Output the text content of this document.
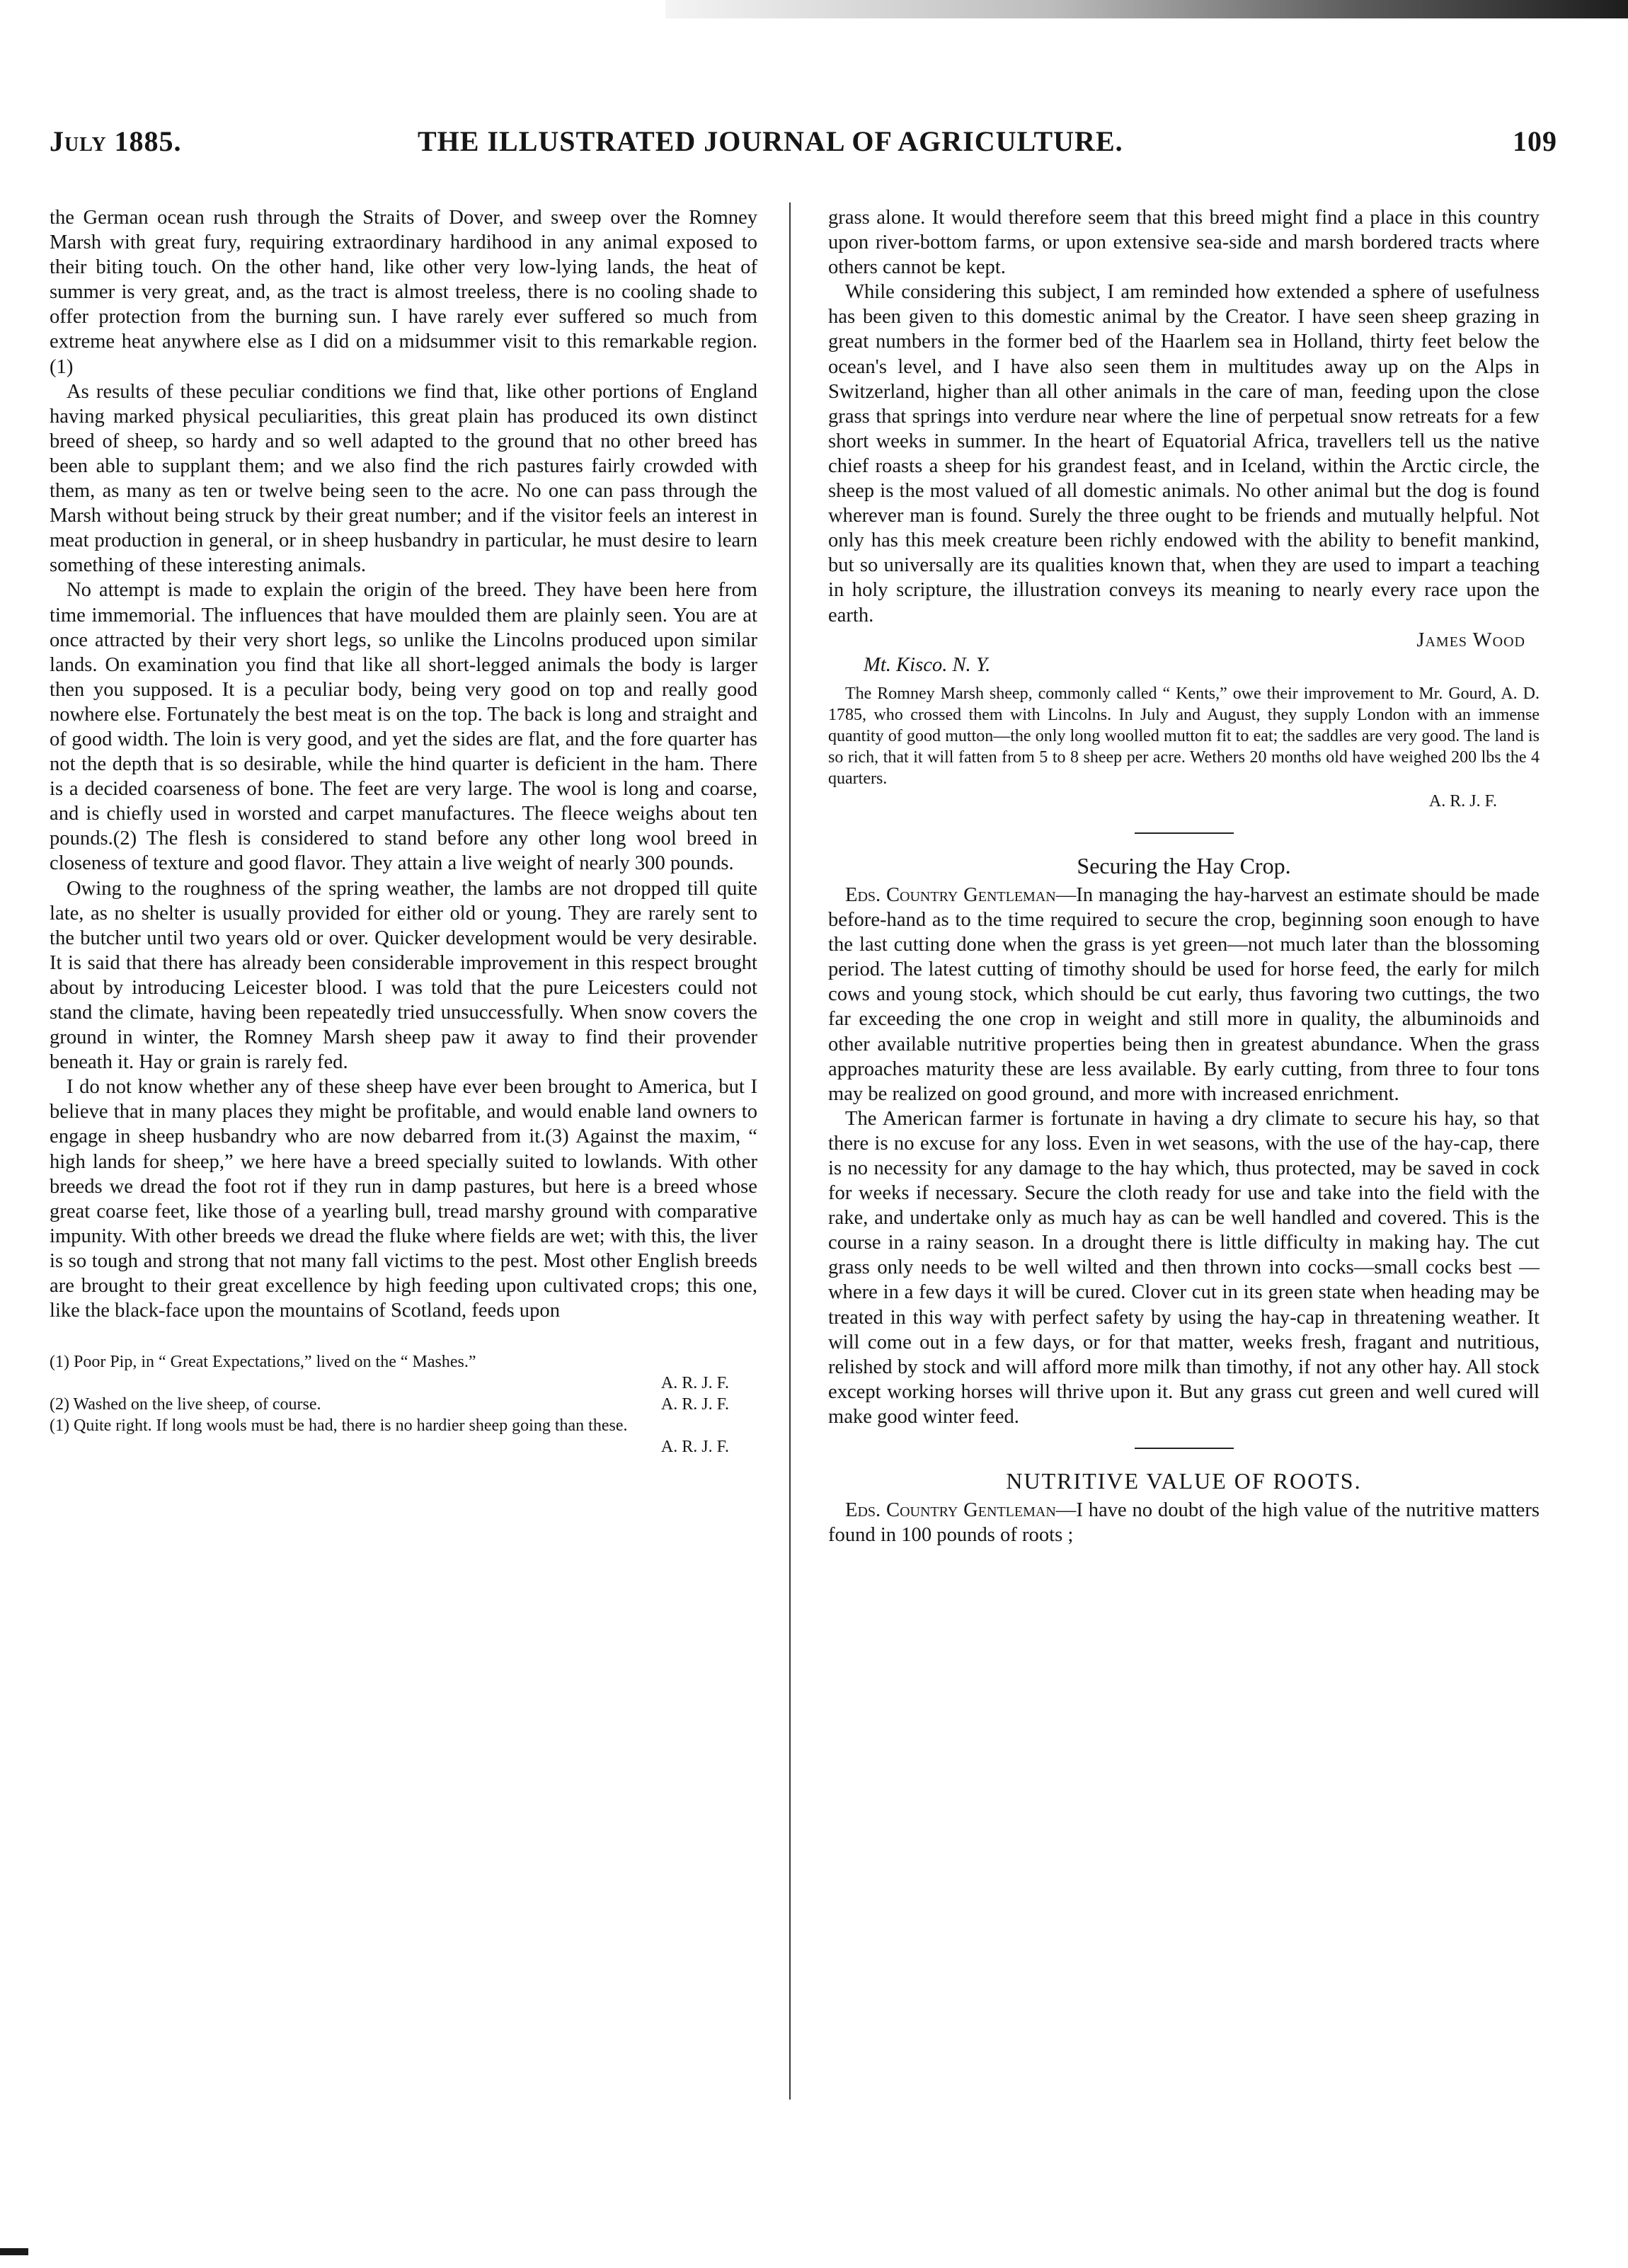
July 1885.	THE ILLUSTRATED JOURNAL OF AGRICULTURE.	109

the German ocean rush through the Straits of Dover, and sweep over the Romney Marsh with great fury, requiring extraordinary hardihood in any animal exposed to their biting touch. On the other hand, like other very low-lying lands, the heat of summer is very great, and, as the tract is almost treeless, there is no cooling shade to offer protection from the burning sun. I have rarely ever suffered so much from extreme heat anywhere else as I did on a midsummer visit to this remarkable region. (1)

As results of these peculiar conditions we find that, like other portions of England having marked physical peculiarities, this great plain has produced its own distinct breed of sheep, so hardy and so well adapted to the ground that no other breed has been able to supplant them; and we also find the rich pastures fairly crowded with them, as many as ten or twelve being seen to the acre. No one can pass through the Marsh without being struck by their great number; and if the visitor feels an interest in meat production in general, or in sheep husbandry in particular, he must desire to learn something of these interesting animals.

No attempt is made to explain the origin of the breed. They have been here from time immemorial. The influences that have moulded them are plainly seen. You are at once attracted by their very short legs, so unlike the Lincolns produced upon similar lands. On examination you find that like all short-legged animals the body is larger then you supposed. It is a peculiar body, being very good on top and really good nowhere else. Fortunately the best meat is on the top. The back is long and straight and of good width. The loin is very good, and yet the sides are flat, and the fore quarter has not the depth that is so desirable, while the hind quarter is deficient in the ham. There is a decided coarseness of bone. The feet are very large. The wool is long and coarse, and is chiefly used in worsted and carpet manufactures. The fleece weighs about ten pounds.(2) The flesh is considered to stand before any other long wool breed in closeness of texture and good flavor. They attain a live weight of nearly 300 pounds.

Owing to the roughness of the spring weather, the lambs are not dropped till quite late, as no shelter is usually provided for either old or young. They are rarely sent to the butcher until two years old or over. Quicker development would be very desirable. It is said that there has already been considerable improvement in this respect brought about by introducing Leicester blood. I was told that the pure Leicesters could not stand the climate, having been repeatedly tried unsuccessfully. When snow covers the ground in winter, the Romney Marsh sheep paw it away to find their provender beneath it. Hay or grain is rarely fed.

I do not know whether any of these sheep have ever been brought to America, but I believe that in many places they might be profitable, and would enable land owners to engage in sheep husbandry who are now debarred from it.(3) Against the maxim, “ high lands for sheep,” we here have a breed specially suited to lowlands. With other breeds we dread the foot rot if they run in damp pastures, but here is a breed whose great coarse feet, like those of a yearling bull, tread marshy ground with comparative impunity. With other breeds we dread the fluke where fields are wet; with this, the liver is so tough and strong that not many fall victims to the pest. Most other English breeds are brought to their great excellence by high feeding upon cultivated crops; this one, like the black-face upon the mountains of Scotland, feeds upon

(1) Poor Pip, in “ Great Expectations,” lived on the “ Mashes.”
A. R. J. F.
(2) Washed on the live sheep, of course.	A. R. J. F.
(1) Quite right. If long wools must be had, there is no hardier sheep going than these.
A. R. J. F.

grass alone. It would therefore seem that this breed might find a place in this country upon river-bottom farms, or upon extensive sea-side and marsh bordered tracts where others cannot be kept.

While considering this subject, I am reminded how extended a sphere of usefulness has been given to this domestic animal by the Creator. I have seen sheep grazing in great numbers in the former bed of the Haarlem sea in Holland, thirty feet below the ocean's level, and I have also seen them in multitudes away up on the Alps in Switzerland, higher than all other animals in the care of man, feeding upon the close grass that springs into verdure near where the line of perpetual snow retreats for a few short weeks in summer. In the heart of Equatorial Africa, travellers tell us the native chief roasts a sheep for his grandest feast, and in Iceland, within the Arctic circle, the sheep is the most valued of all domestic animals. No other animal but the dog is found wherever man is found. Surely the three ought to be friends and mutually helpful. Not only has this meek creature been richly endowed with the ability to benefit mankind, but so universally are its qualities known that, when they are used to impart a teaching in holy scripture, the illustration conveys its meaning to nearly every race upon the earth.

James Wood
Mt. Kisco. N. Y.

The Romney Marsh sheep, commonly called “ Kents,” owe their improvement to Mr. Gourd, A. D. 1785, who crossed them with Lincolns. In July and August, they supply London with an immense quantity of good mutton—the only long woolled mutton fit to eat; the saddles are very good. The land is so rich, that it will fatten from 5 to 8 sheep per acre. Wethers 20 months old have weighed 200 lbs the 4 quarters.

A. R. J. F.
Securing the Hay Crop.

Eds. Country Gentleman—In managing the hay-harvest an estimate should be made before-hand as to the time required to secure the crop, beginning soon enough to have the last cutting done when the grass is yet green—not much later than the blossoming period. The latest cutting of timothy should be used for horse feed, the early for milch cows and young stock, which should be cut early, thus favoring two cuttings, the two far exceeding the one crop in weight and still more in quality, the albuminoids and other available nutritive properties being then in greatest abundance. When the grass approaches maturity these are less available. By early cutting, from three to four tons may be realized on good ground, and more with increased enrichment.

The American farmer is fortunate in having a dry climate to secure his hay, so that there is no excuse for any loss. Even in wet seasons, with the use of the hay-cap, there is no necessity for any damage to the hay which, thus protected, may be saved in cock for weeks if necessary. Secure the cloth ready for use and take into the field with the rake, and undertake only as much hay as can be well handled and covered. This is the course in a rainy season. In a drought there is little difficulty in making hay. The cut grass only needs to be well wilted and then thrown into cocks—small cocks best —where in a few days it will be cured. Clover cut in its green state when heading may be treated in this way with perfect safety by using the hay-cap in threatening weather. It will come out in a few days, or for that matter, weeks fresh, fragant and nutritious, relished by stock and will afford more milk than timothy, if not any other hay. All stock except working horses will thrive upon it. But any grass cut green and well cured will make good winter feed.

NUTRITIVE VALUE OF ROOTS.

Eds. Country Gentleman—I have no doubt of the high value of the nutritive matters found in 100 pounds of roots ;
